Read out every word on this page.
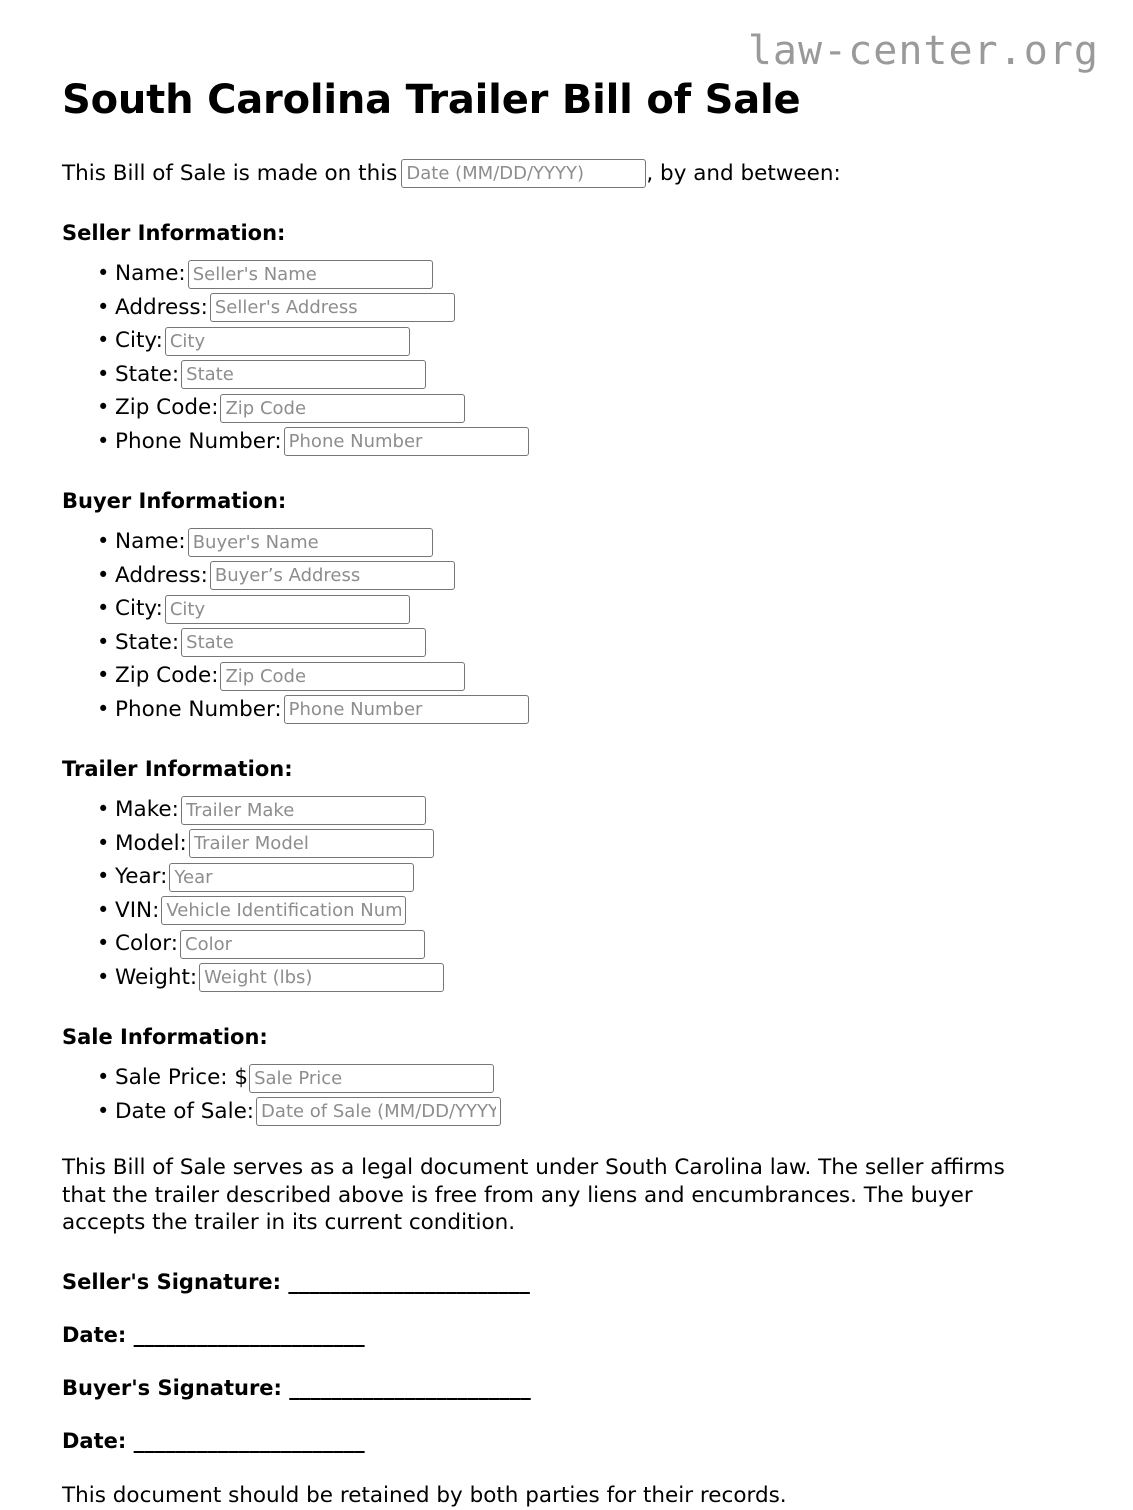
law-center.org
South Carolina Trailer Bill of Sale
This Bill of Sale is made on thisDate (MM/DD/YYYY)	, by and between:
Seller Information:
• Name:Seller's Name
• Address:Seller's Address
• City:City
• State:State
• Zip Code:Zip Code
• Phone Number:Phone Number
Buyer Information:
• Name:Buyer's Name
• Address:Buyer’s Address
• City:City
• State:State
• Zip Code:Zip Code
• Phone Number:Phone Number
Trailer Information:
• Make:Trailer Make
• Model:Trailer Model
• Year:Year
• VIN:Vehicle Identification Number
• Color:Color
• Weight:Weight (lbs)
Sale Information:
• Sale Price: $Sale Price
• Date of Sale:Date of Sale (MM/DD/YYYY)

This Bill of Sale serves as a legal document under South Carolina law. The seller affirms that the trailer described above is free from any liens and encumbrances. The buyer accepts the trailer in its current condition.

Seller's Signature: _______________________
Date: ______________________
Buyer's Signature: _______________________
Date: ______________________

This document should be retained by both parties for their records.
